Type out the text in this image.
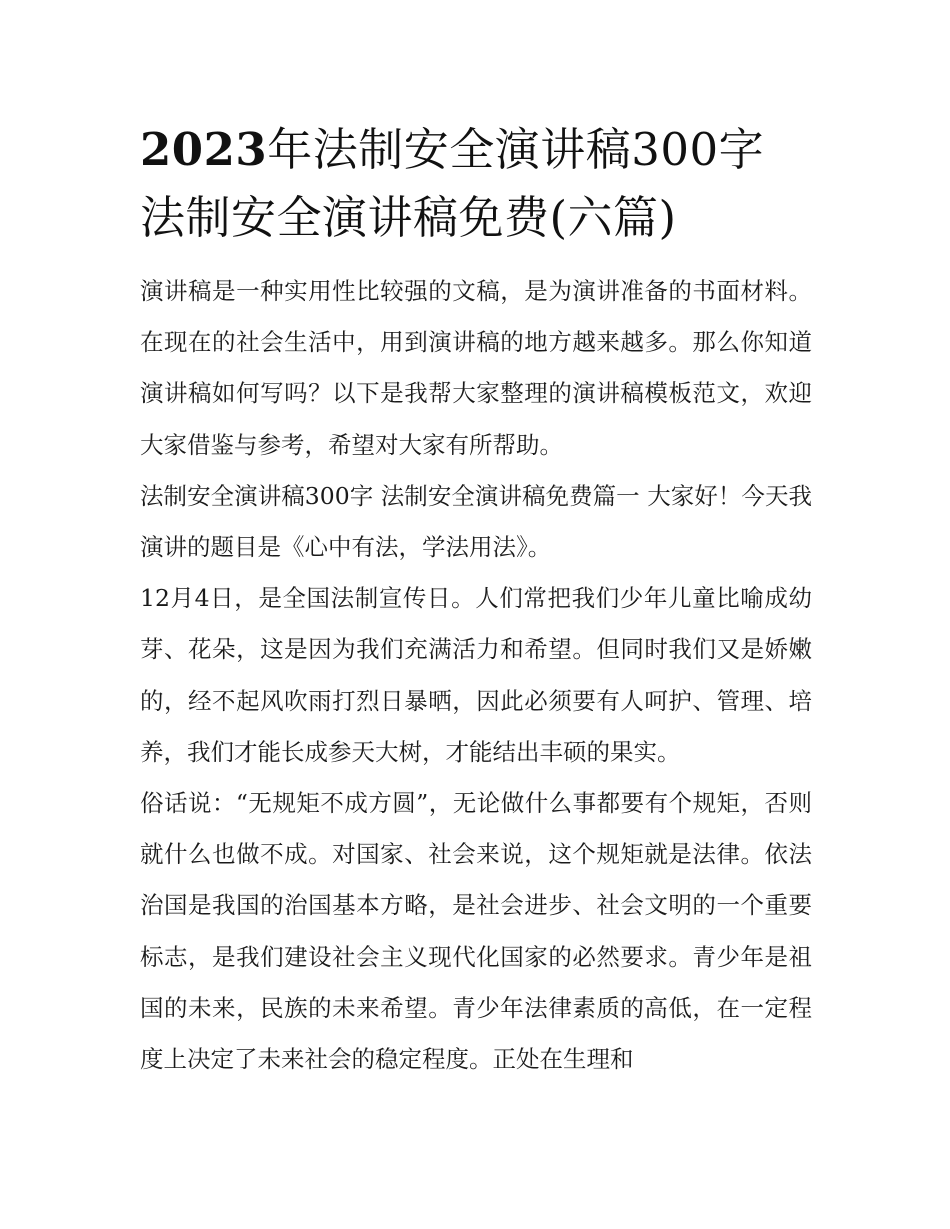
2023年法制安全演讲稿300字
法制安全演讲稿免费(六篇)

演讲稿是一种实用性比较强的文稿，是为演讲准备的书面材料。在现在的社会生活中，用到演讲稿的地方越来越多。那么你知道演讲稿如何写吗？以下是我帮大家整理的演讲稿模板范文，欢迎大家借鉴与参考，希望对大家有所帮助。

法制安全演讲稿300字 法制安全演讲稿免费篇一 大家好！今天我演讲的题目是《心中有法，学法用法》。

12月4日，是全国法制宣传日。人们常把我们少年儿童比喻成幼芽、花朵，这是因为我们充满活力和希望。但同时我们又是娇嫩的，经不起风吹雨打烈日暴晒，因此必须要有人呵护、管理、培养，我们才能长成参天大树，才能结出丰硕的果实。

俗话说：“无规矩不成方圆”，无论做什么事都要有个规矩，否则就什么也做不成。对国家、社会来说，这个规矩就是法律。依法治国是我国的治国基本方略，是社会进步、社会文明的一个重要标志，是我们建设社会主义现代化国家的必然要求。青少年是祖国的未来，民族的未来希望。青少年法律素质的高低，在一定程度上决定了未来社会的稳定程度。正处在生理和
